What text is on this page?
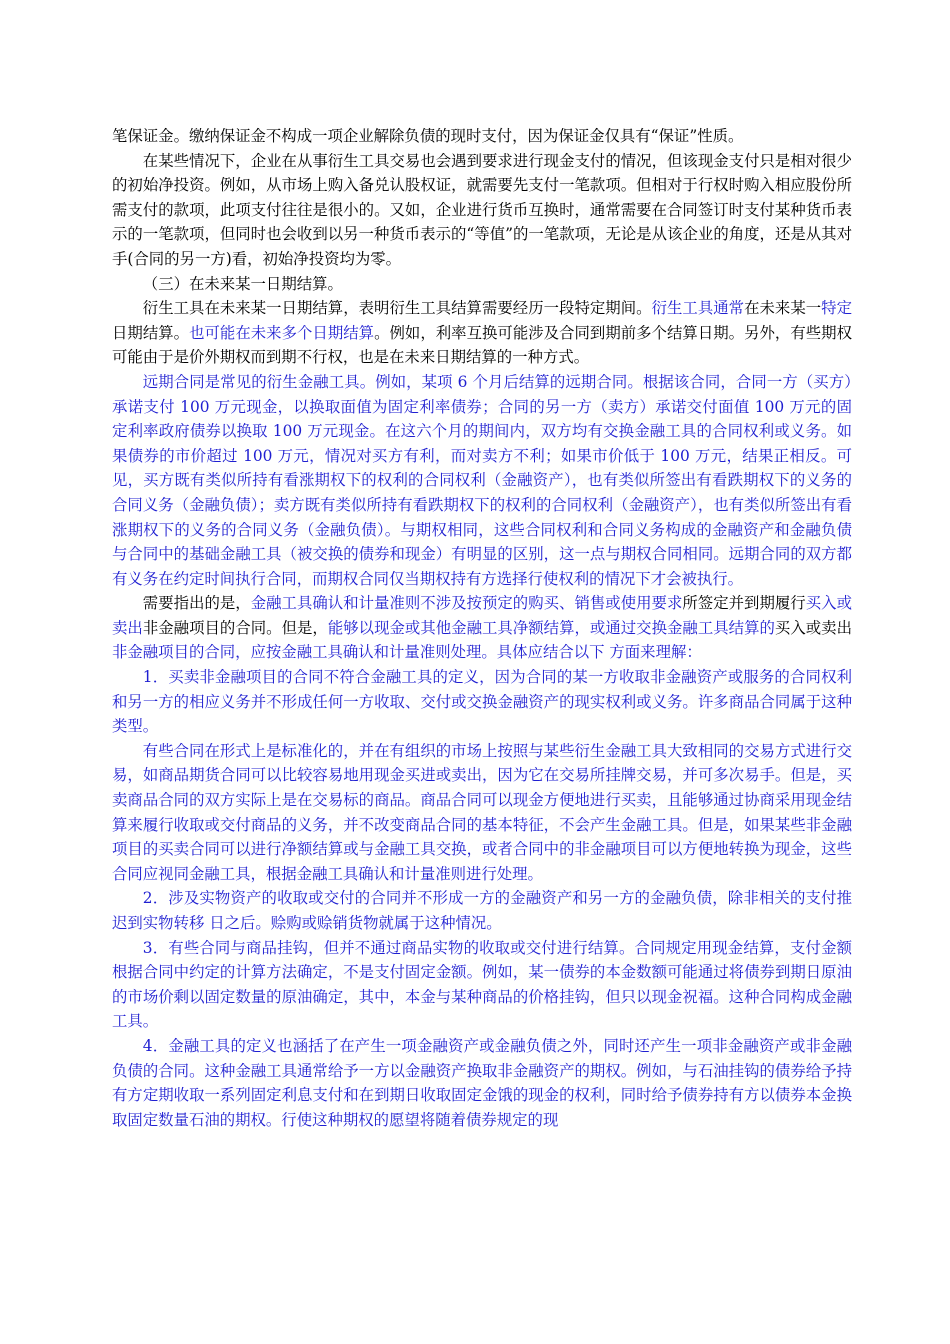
笔保证金。缴纳保证金不构成一项企业解除负债的现时支付，因为保证金仅具有“保证”性质。

在某些情况下，企业在从事衍生工具交易也会遇到要求进行现金支付的情况，但该现金支付只是相对很少的初始净投资。例如，从市场上购入备兑认股权证，就需要先支付一笔款项。但相对于行权时购入相应股份所需支付的款项，此项支付往往是很小的。又如，企业进行货币互换时，通常需要在合同签订时支付某种货币表示的一笔款项，但同时也会收到以另一种货币表示的“等值”的一笔款项，无论是从该企业的角度，还是从其对手(合同的另一方)看，初始净投资均为零。

（三）在未来某一日期结算。

衍生工具在未来某一日期结算，表明衍生工具结算需要经历一段特定期间。衍生工具通常在未来某一特定日期结算。也可能在未来多个日期结算。例如，利率互换可能涉及合同到期前多个结算日期。另外，有些期权可能由于是价外期权而到期不行权，也是在未来日期结算的一种方式。

远期合同是常见的衍生金融工具。例如，某项 6 个月后结算的远期合同。根据该合同，合同一方（买方）承诺支付 100 万元现金，以换取面值为固定利率债券；合同的另一方（卖方）承诺交付面值 100 万元的固定利率政府债券以换取 100 万元现金。在这六个月的期间内，双方均有交换金融工具的合同权利或义务。如果债券的市价超过 100 万元，情况对买方有利，而对卖方不利；如果市价低于 100 万元，结果正相反。可见，买方既有类似所持有看涨期权下的权利的合同权利（金融资产），也有类似所签出有看跌期权下的义务的合同义务（金融负债）；卖方既有类似所持有看跌期权下的权利的合同权利（金融资产），也有类似所签出有看涨期权下的义务的合同义务（金融负债）。与期权相同，这些合同权利和合同义务构成的金融资产和金融负债与合同中的基础金融工具（被交换的债券和现金）有明显的区别，这一点与期权合同相同。远期合同的双方都有义务在约定时间执行合同，而期权合同仅当期权持有方选择行使权利的情况下才会被执行。

需要指出的是，金融工具确认和计量准则不涉及按预定的购买、销售或使用要求所签定并到期履行买入或卖出非金融项目的合同。但是，能够以现金或其他金融工具净额结算，或通过交换金融工具结算的买入或卖出非金融项目的合同，应按金融工具确认和计量准则处理。具体应结合以下 方面来理解：

1．买卖非金融项目的合同不符合金融工具的定义，因为合同的某一方收取非金融资产或服务的合同权利和另一方的相应义务并不形成任何一方收取、交付或交换金融资产的现实权利或义务。许多商品合同属于这种类型。

有些合同在形式上是标准化的，并在有组织的市场上按照与某些衍生金融工具大致相同的交易方式进行交易，如商品期货合同可以比较容易地用现金买进或卖出，因为它在交易所挂牌交易，并可多次易手。但是，买卖商品合同的双方实际上是在交易标的商品。商品合同可以现金方便地进行买卖，且能够通过协商采用现金结算来履行收取或交付商品的义务，并不改变商品合同的基本特征，不会产生金融工具。但是，如果某些非金融项目的买卖合同可以进行净额结算或与金融工具交换，或者合同中的非金融项目可以方便地转换为现金，这些合同应视同金融工具，根据金融工具确认和计量准则进行处理。

2．涉及实物资产的收取或交付的合同并不形成一方的金融资产和另一方的金融负债，除非相关的支付推迟到实物转移 日之后。赊购或赊销货物就属于这种情况。

3．有些合同与商品挂钩，但并不通过商品实物的收取或交付进行结算。合同规定用现金结算，支付金额根据合同中约定的计算方法确定，不是支付固定金额。例如，某一债券的本金数额可能通过将债券到期日原油的市场价剩以固定数量的原油确定，其中，本金与某种商品的价格挂钩，但只以现金祝福。这种合同构成金融工具。

4．金融工具的定义也涵括了在产生一项金融资产或金融负债之外，同时还产生一项非金融资产或非金融负债的合同。这种金融工具通常给予一方以金融资产换取非金融资产的期权。例如，与石油挂钩的债券给予持有方定期收取一系列固定利息支付和在到期日收取固定金饿的现金的权利，同时给予债券持有方以债券本金换取固定数量石油的期权。行使这种期权的愿望将随着债券规定的现
